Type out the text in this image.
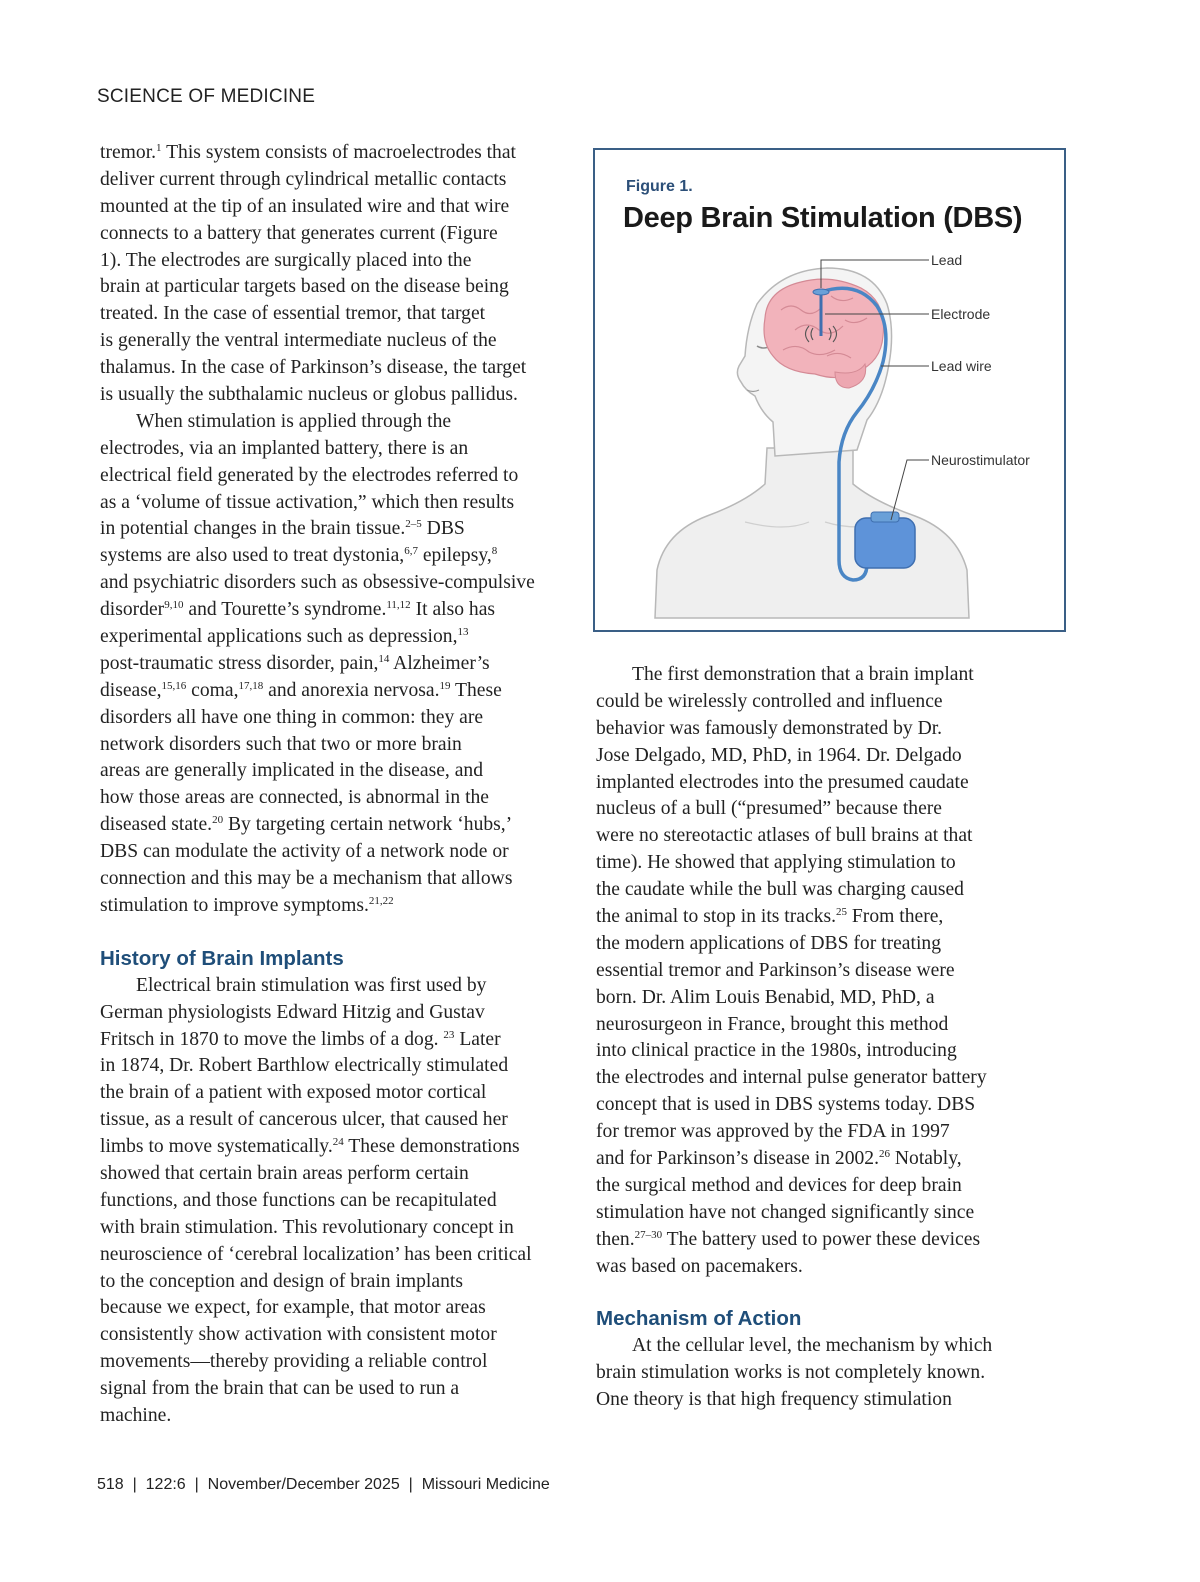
SCIENCE OF MEDICINE
tremor.$^1$ This system consists of macroelectrodes that
deliver current through cylindrical metallic contacts
mounted at the tip of an insulated wire and that wire
connects to a battery that generates current (Figure
1). The electrodes are surgically placed into the
brain at particular targets based on the disease being
treated. In the case of essential tremor, that target
is generally the ventral intermediate nucleus of the
thalamus. In the case of Parkinson’s disease, the target
is usually the subthalamic nucleus or globus pallidus.
When stimulation is applied through the
electrodes, via an implanted battery, there is an
electrical field generated by the electrodes referred to
as a ‘volume of tissue activation,” which then results
in potential changes in the brain tissue.$^{2-5}$ DBS
systems are also used to treat dystonia,$^{6,7}$ epilepsy,$^8$
and psychiatric disorders such as obsessive-compulsive
disorder$^{9,10}$ and Tourette’s syndrome.$^{11,12}$ It also has
experimental applications such as depression,$^{13}$
post-traumatic stress disorder, pain,$^{14}$ Alzheimer’s
disease,$^{15,16}$ coma,$^{17,18}$ and anorexia nervosa.$^{19}$ These
disorders all have one thing in common: they are
network disorders such that two or more brain
areas are generally implicated in the disease, and
how those areas are connected, is abnormal in the
diseased state.$^{20}$ By targeting certain network ‘hubs,’
DBS can modulate the activity of a network node or
connection and this may be a mechanism that allows
stimulation to improve symptoms.$^{21,22}$
History of Brain Implants
Electrical brain stimulation was first used by
German physiologists Edward Hitzig and Gustav
Fritsch in 1870 to move the limbs of a dog. $^{23}$ Later
in 1874, Dr. Robert Barthlow electrically stimulated
the brain of a patient with exposed motor cortical
tissue, as a result of cancerous ulcer, that caused her
limbs to move systematically.$^{24}$ These demonstrations
showed that certain brain areas perform certain
functions, and those functions can be recapitulated
with brain stimulation. This revolutionary concept in
neuroscience of ‘cerebral localization’ has been critical
to the conception and design of brain implants
because we expect, for example, that motor areas
consistently show activation with consistent motor
movements—thereby providing a reliable control
signal from the brain that can be used to run a
machine.
Lead
Electrode
Lead wire
Neurostimulator
Figure 1.
Deep Brain Stimulation (DBS)
The first demonstration that a brain implant
could be wirelessly controlled and influence
behavior was famously demonstrated by Dr.
Jose Delgado, MD, PhD, in 1964. Dr. Delgado
implanted electrodes into the presumed caudate
nucleus of a bull (“presumed” because there
were no stereotactic atlases of bull brains at that
time). He showed that applying stimulation to
the caudate while the bull was charging caused
the animal to stop in its tracks.$^{25}$ From there,
the modern applications of DBS for treating
essential tremor and Parkinson’s disease were
born. Dr. Alim Louis Benabid, MD, PhD, a
neurosurgeon in France, brought this method
into clinical practice in the 1980s, introducing
the electrodes and internal pulse generator battery
concept that is used in DBS systems today. DBS
for tremor was approved by the FDA in 1997
and for Parkinson’s disease in 2002.26 Notably,
the surgical method and devices for deep brain
stimulation have not changed significantly since
then.$^{27-30}$ The battery used to power these devices
was based on pacemakers.
Mechanism of Action
At the cellular level, the mechanism by which
brain stimulation works is not completely known.
One theory is that high frequency stimulation
518  |  122:6  |  November/December 2025  |  Missouri Medicine
